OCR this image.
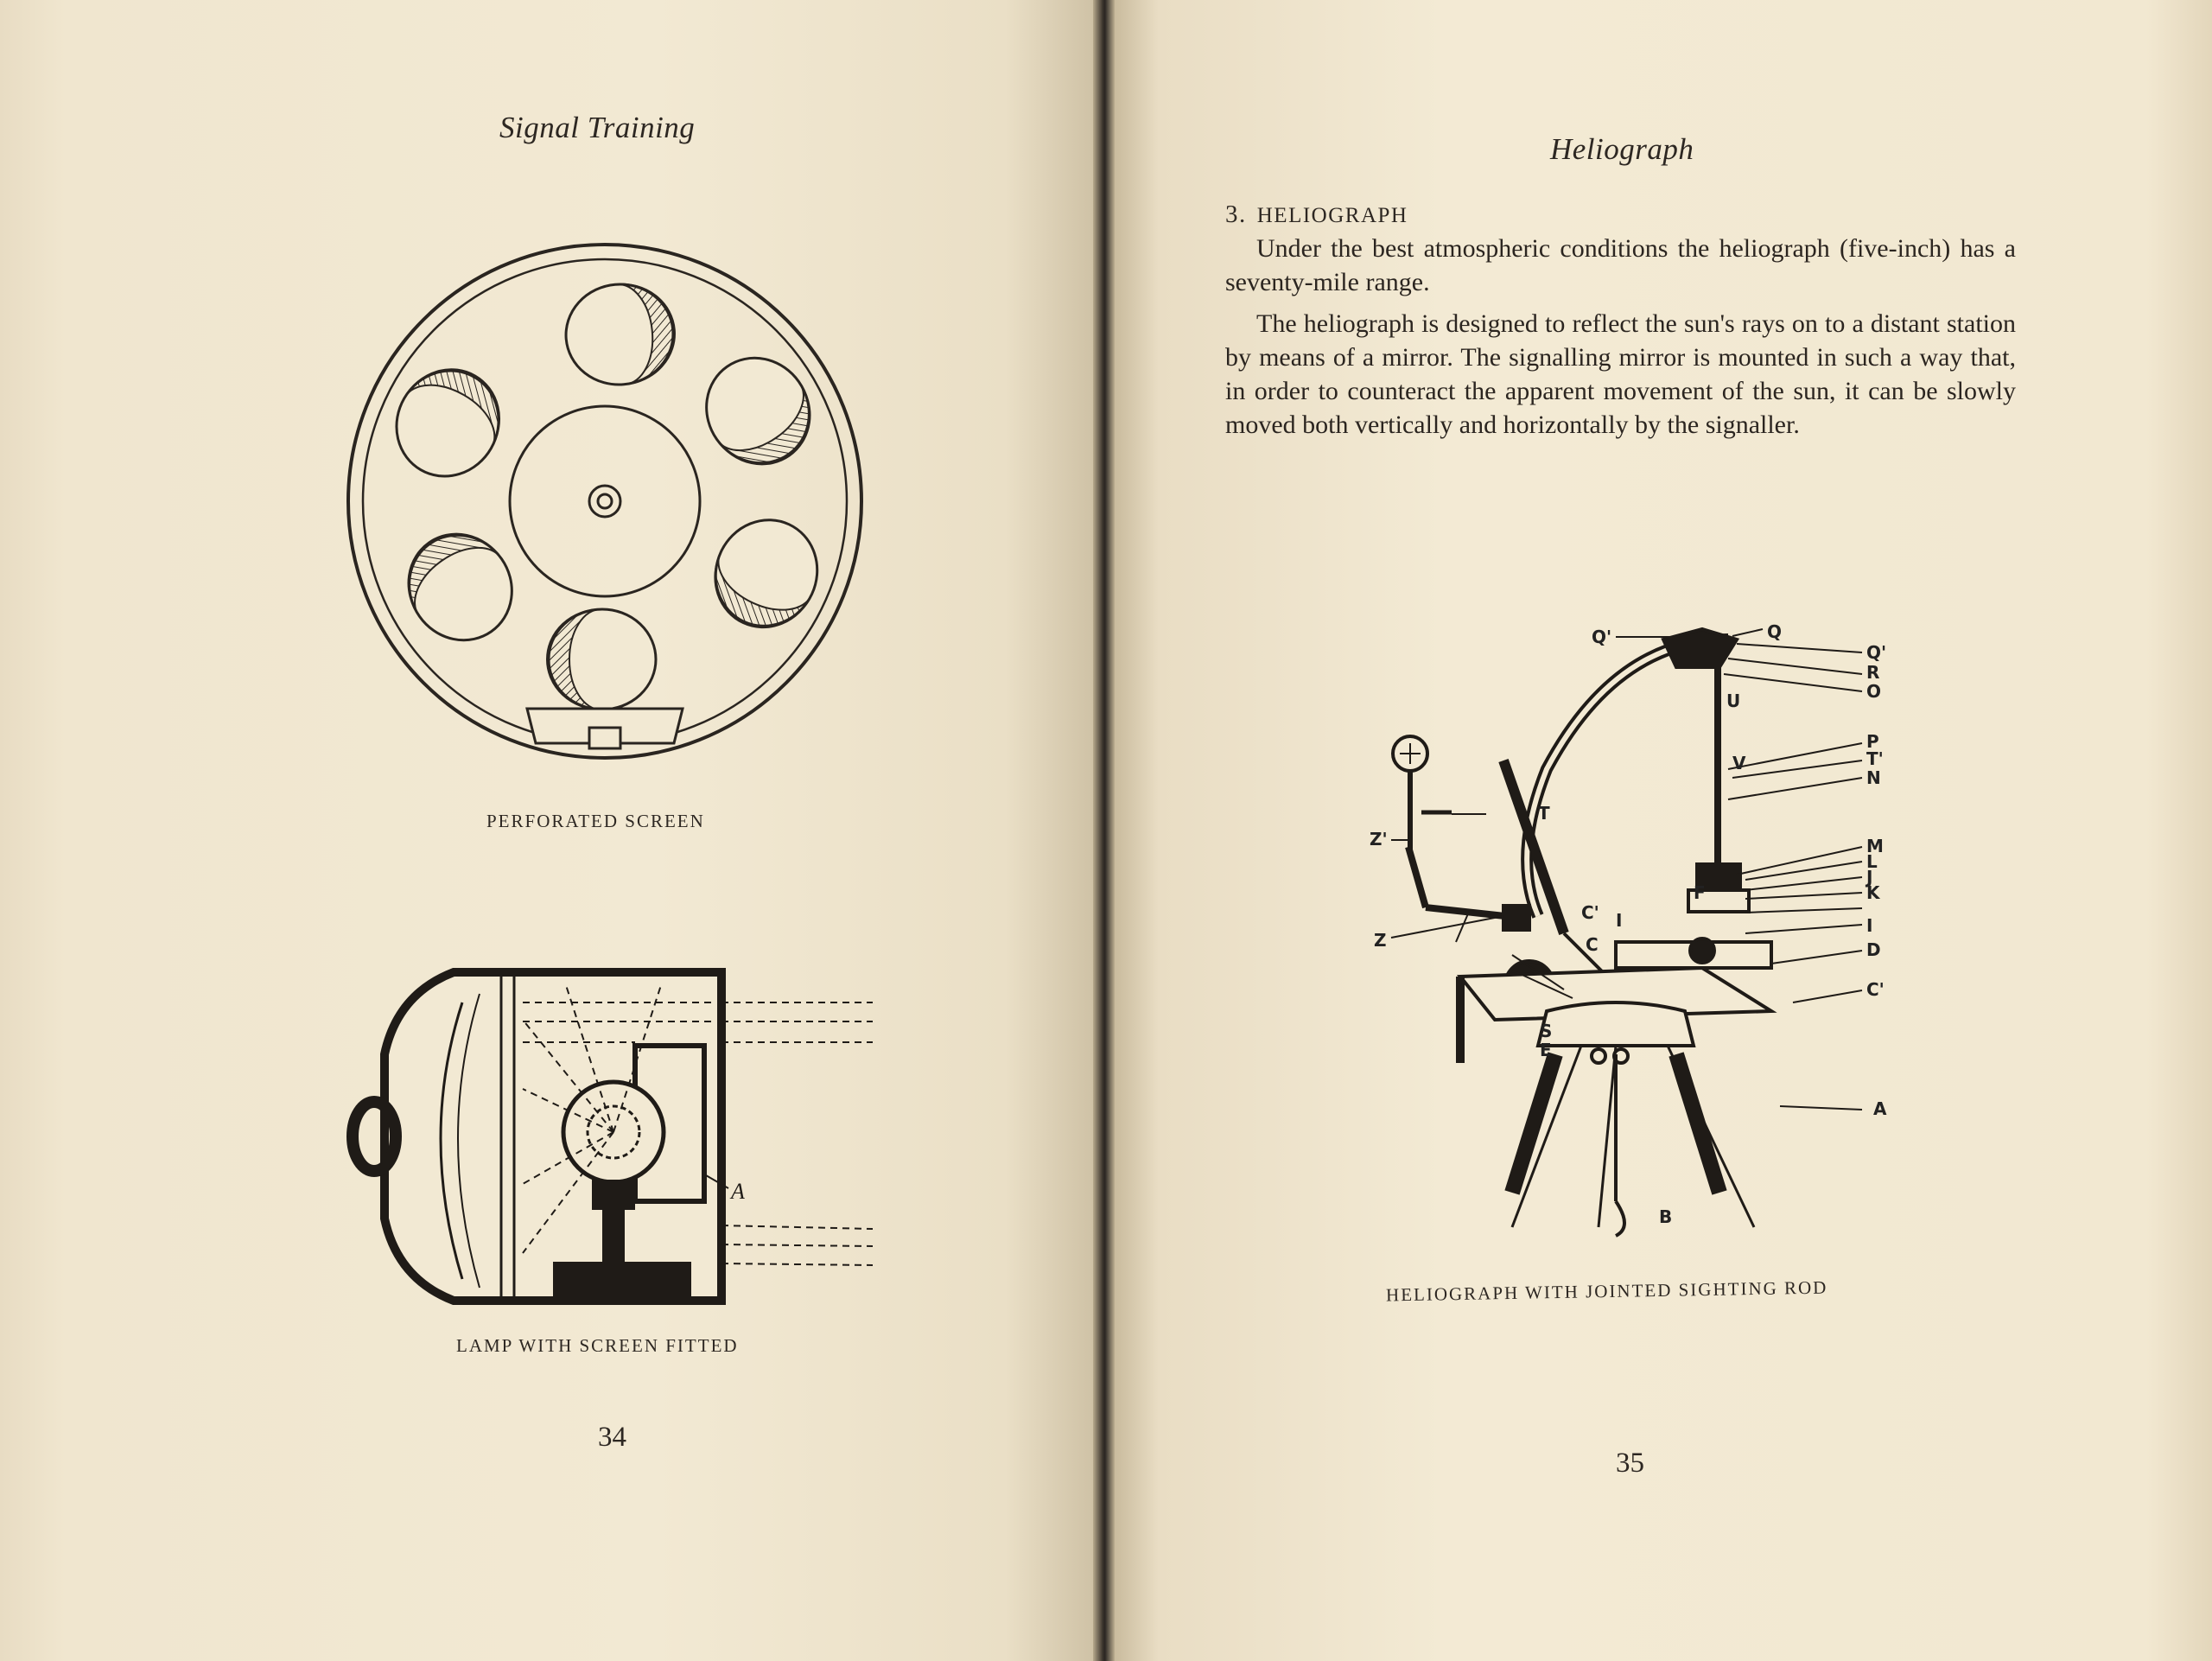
Signal Training
PERFORATED SCREEN
A
LAMP WITH SCREEN FITTED
34
Heliograph
3. HELIOGRAPH

Under the best atmospheric conditions the heliograph (five-inch) has a seventy-mile range.

The heliograph is designed to reflect the sun's rays on to a distant station by means of a mirror. The signalling mirror is mounted in such a way that, in order to counteract the apparent movement of the sun, it can be slowly moved both vertically and horizontally by the signaller.

Q'	Q
Q'
R
O
U
P
T'
N
V
Z'
T
M
L
J
K
F
C' I	I
C	D
Z
C'
S
E
A
B
HELIOGRAPH WITH JOINTED SIGHTING ROD
35
